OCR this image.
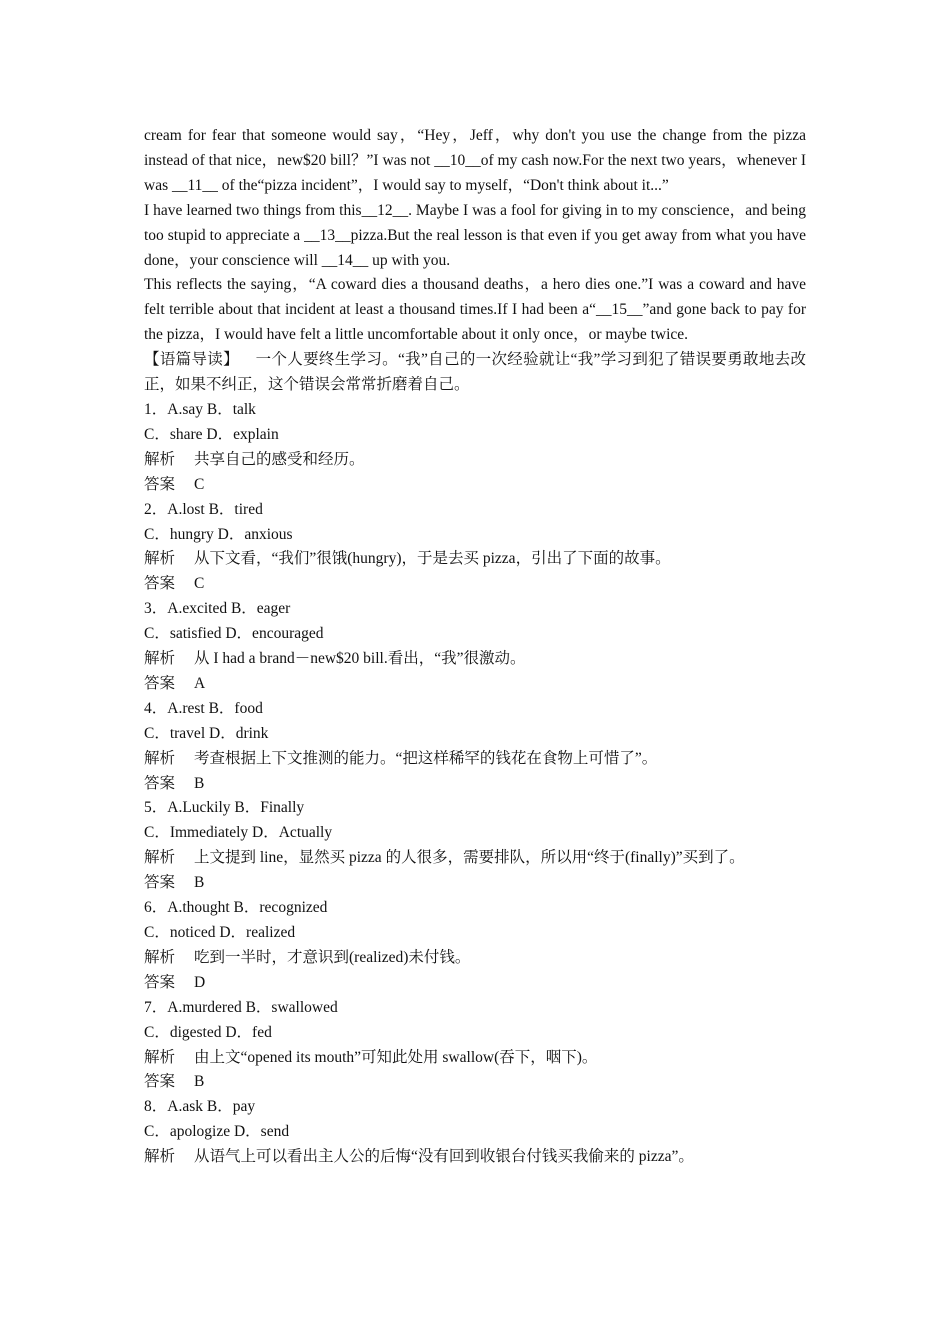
cream for fear that someone would say，“Hey，Jeff，why don't you use the change from the pizza instead of that nice，new$20 bill？”I was not __10__of my cash now.For the next two years，whenever I was __11__ of the“pizza incident”，I would say to myself，“Don't think about it...”

I have learned two things from this__12__. Maybe I was a fool for giving in to my conscience，and being too stupid to appreciate a __13__pizza.But the real lesson is that even if you get away from what you have done，your conscience will __14__ up with you.

This reflects the saying，“A coward dies a thousand deaths，a hero dies one.”I was a coward and have felt terrible about that incident at least a thousand times.If I had been a“__15__”and gone back to pay for the pizza，I would have felt a little uncomfortable about it only once，or maybe twice.

【语篇导读】 一个人要终生学习。“我”自己的一次经验就让“我”学习到犯了错误要勇敢地去改正，如果不纠正，这个错误会常常折磨着自己。

1．A.say B．talk

C．share D．explain

解析 共享自己的感受和经历。

答案 C

2．A.lost B．tired

C．hungry D．anxious

解析 从下文看，“我们”很饿(hungry)，于是去买 pizza，引出了下面的故事。

答案 C

3．A.excited B．eager

C．satisfied D．encouraged

解析 从 I had a brand－new$20 bill.看出，“我”很激动。

答案 A

4．A.rest B．food

C．travel D．drink

解析 考查根据上下文推测的能力。“把这样稀罕的钱花在食物上可惜了”。

答案 B

5．A.Luckily B．Finally

C．Immediately D．Actually

解析 上文提到 line，显然买 pizza 的人很多，需要排队，所以用“终于(finally)”买到了。

答案 B

6．A.thought B．recognized

C．noticed D．realized

解析 吃到一半时，才意识到(realized)未付钱。

答案 D

7．A.murdered B．swallowed

C．digested D．fed

解析 由上文“opened its mouth”可知此处用 swallow(吞下，咽下)。

答案 B

8．A.ask B．pay

C．apologize D．send

解析 从语气上可以看出主人公的后悔“没有回到收银台付钱买我偷来的 pizza”。
